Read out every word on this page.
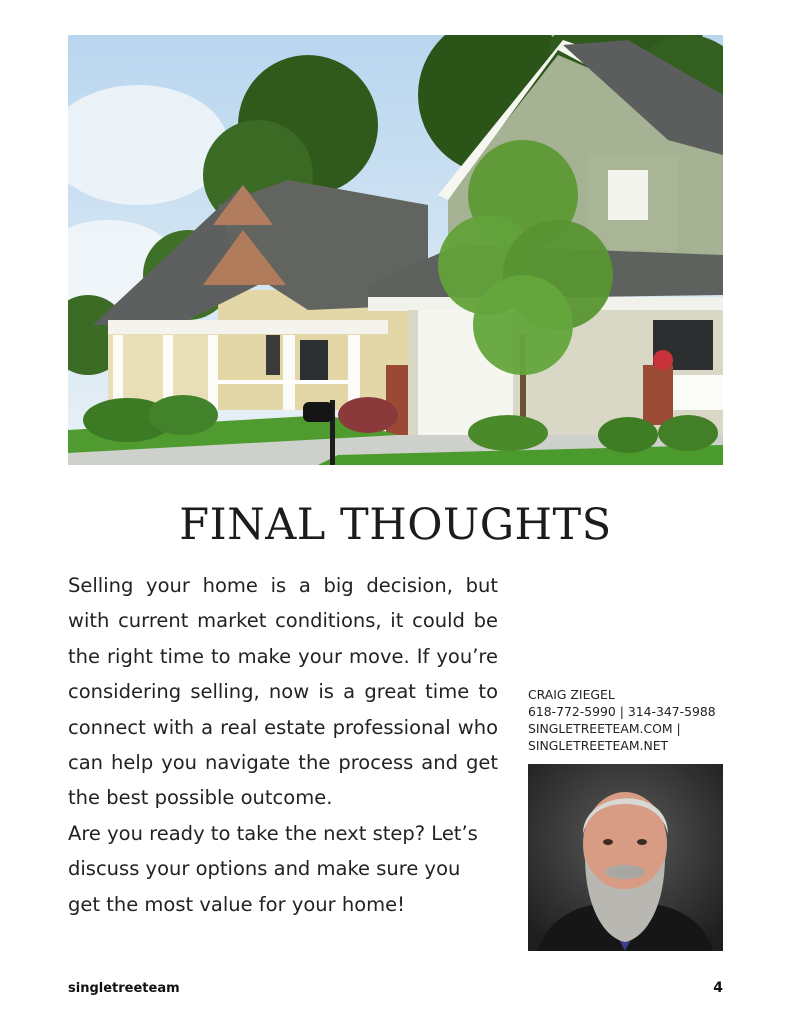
FINAL THOUGHTS

Selling your home is a big decision, but with current market conditions, it could be the right time to make your move. If you’re considering selling, now is a great time to connect with a real estate professional who can help you navigate the process and get the best possible outcome.

Are you ready to take the next step? Let’s discuss your options and make sure you get the most value for your home!

CRAIG ZIEGEL
618-772-5990 | 314-347-5988
SINGLETREETEAM.COM |
SINGLETREETEAM.NET
singletreeteam	4
